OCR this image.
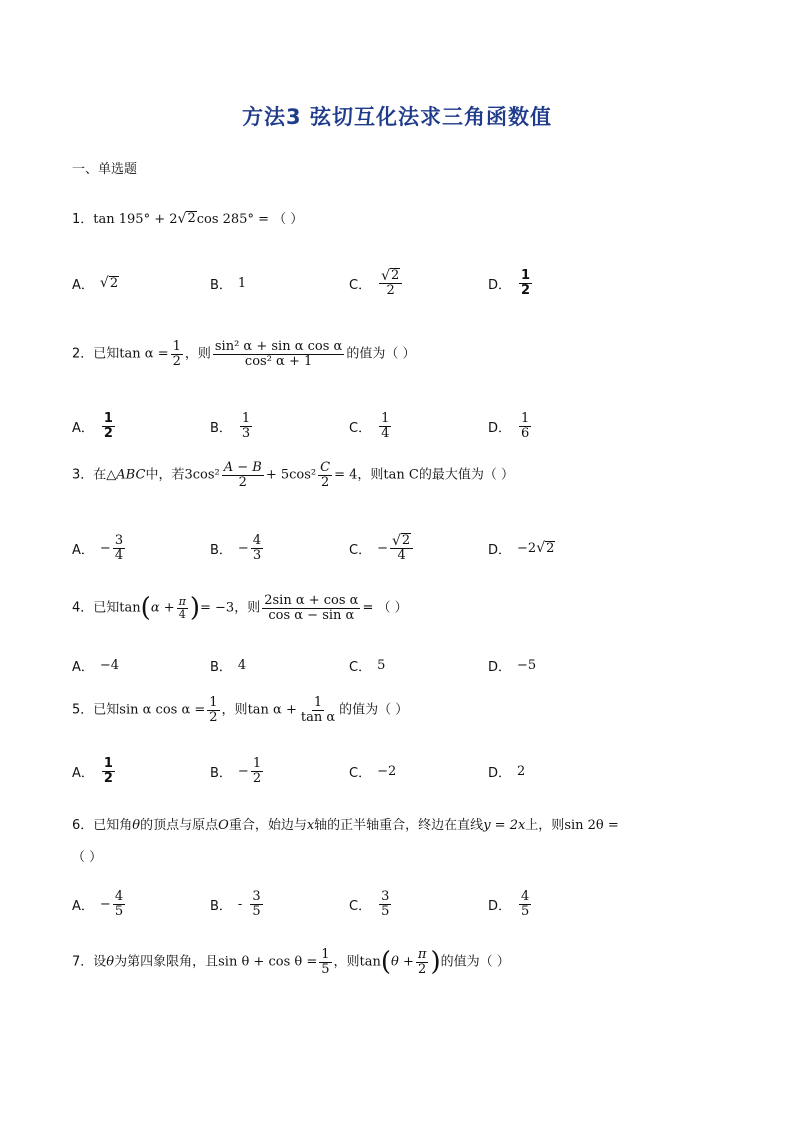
方法3 弦切互化法求三角函数值
一、单选题
1．tan 195° + 2 √ 2 cos 285° = （ ）
A． √ 2	B． 1	C． $\frac{√ 2}{2}$	D． $\frac{1}{2}$
2．已知$\tan \alpha = \frac{1}{2}$ ，则 $\frac{\text{sin² α + sin α cos α}}{\text{cos² α + 1}}$ 的值为（ ）
A． $\frac{1}{2}$	B． $\frac{1}{3}$	C． $\frac{1}{4}$	D． $\frac{1}{6}$
3．在△ABC中，若$3\cos^2 \frac{A - B}{2} + 5\cos^2 \frac{C}{2} = 4$，则tan C的最大值为（ ）
A． − $\frac{3}{4}$	B． − $\frac{4}{3}$	C． − $\frac{√ 2}{4}$	D． −2 √ 2
4．已知$\tan(\alpha + \frac{\pi}{4}$ )= −3，则 $\frac{\text{2sin α + cos α}}{\text{cos α − sin α}}$ = （ ）
A． −4	B． 4	C． 5	D． −5
5．已知sin α $\cos \alpha = \frac{1}{2}$ ，则$\tan \alpha + \frac{1}{\text{tan α}}$ 的值为（ ）
A． $\frac{1}{2}$	B． − $\frac{1}{2}$	C． −2	D． 2
6．已知角θ的顶点与原点O重合，始边与x轴的正半轴重合，终边在直线y = 2x上，则sin 2θ =
（ ）
A． − $\frac{4}{5}$	B． - $\frac{3}{5}$	C． $\frac{3}{5}$	D． $\frac{4}{5}$
7．设θ为第四象限角，且$\sin \theta + \cos \theta = \frac{1}{5}$ ，则$\tan(\theta + \frac{\pi}{2}$ )的值为（ ）
